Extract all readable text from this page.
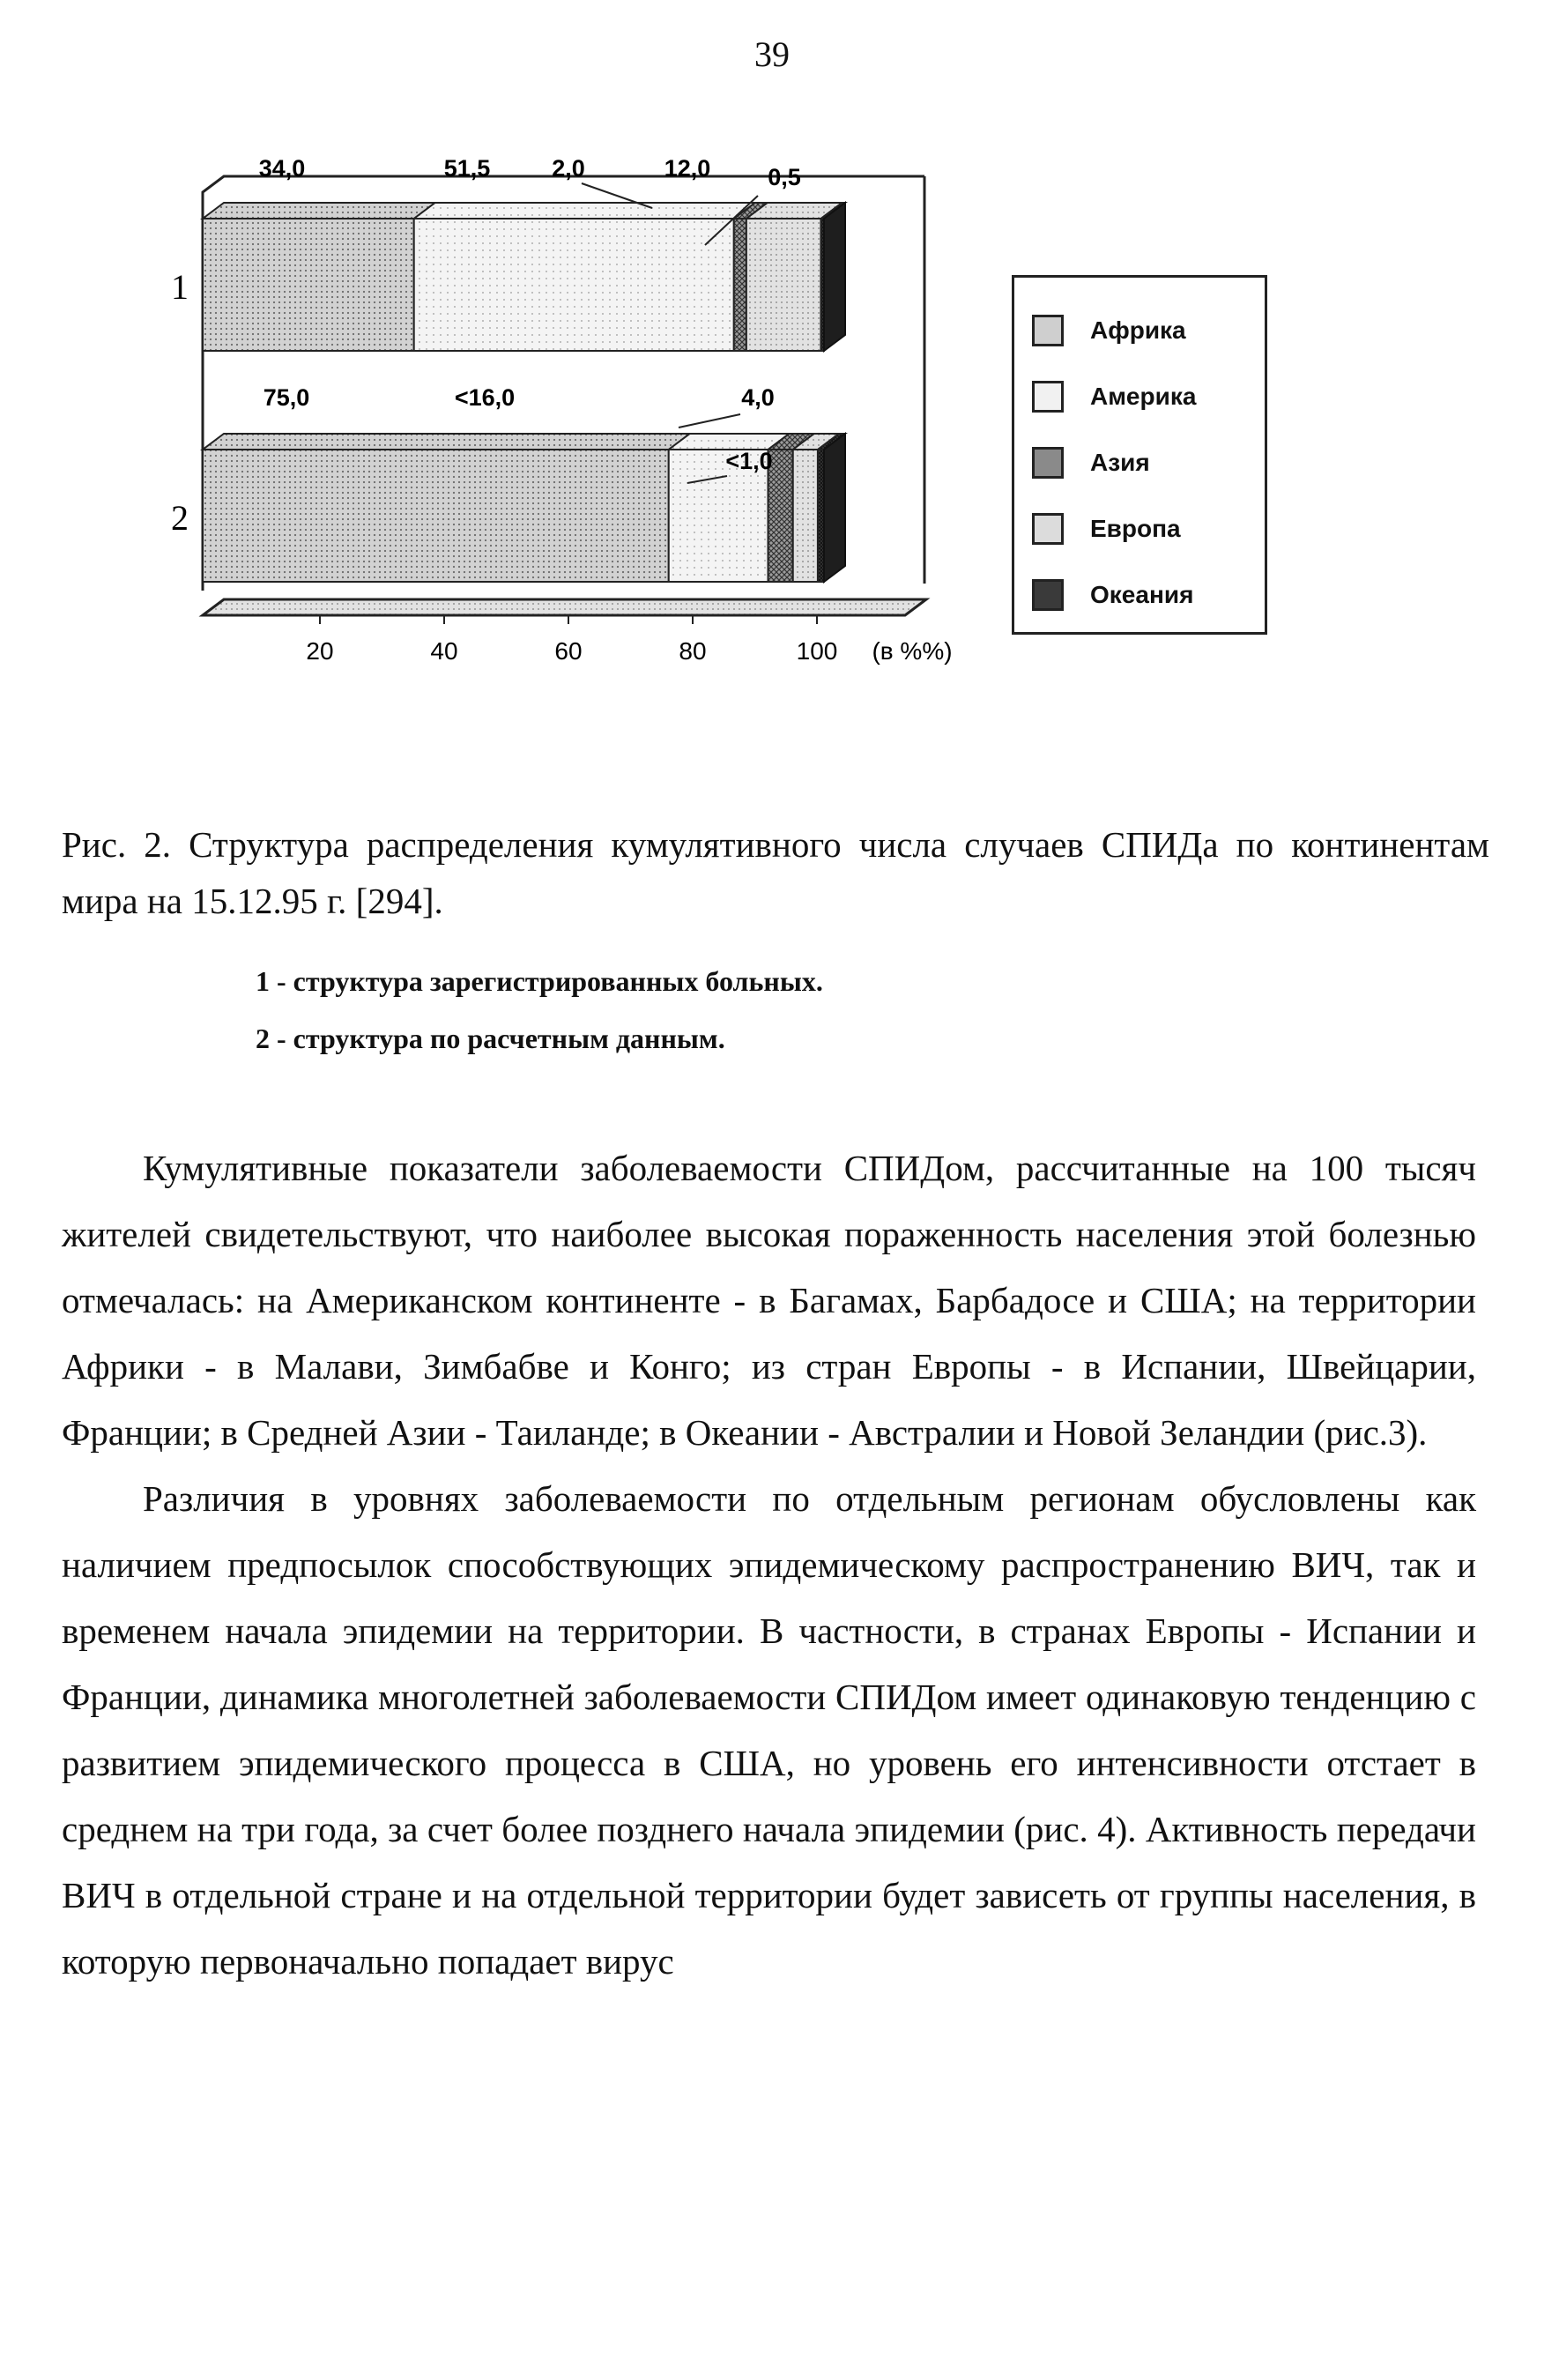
39
1
2
34,0	51,5	2,0	12,0 0,5
75,0	<16,0	4,0
<1,0
20	40	60	80	100 (в %%)
Африка
Америка
Азия
Европа
Океания
Рис. 2. Структура распределения кумулятивного числа случаев СПИДа по континентам мира на 15.12.95 г. [294].
1 - структура зарегистрированных больных.
2 - структура по расчетным данным.

Кумулятивные показатели заболеваемости СПИДом, рассчитанные на 100 тысяч жителей свидетельствуют, что наиболее высокая пораженность населения этой болезнью отмечалась: на Американском континенте - в Багамах, Барбадосе и США; на территории Африки - в Малави, Зимбабве и Конго; из стран Европы - в Испании, Швейцарии, Франции; в Средней Азии - Таиланде; в Океании - Австралии и Новой Зеландии (рис.3).

Различия в уровнях заболеваемости по отдельным регионам обусловлены как наличием предпосылок способствующих эпидемическому распространению ВИЧ, так и временем начала эпидемии на территории. В частности, в странах Европы - Испании и Франции, динамика многолетней заболеваемости СПИДом имеет одинаковую тенденцию с развитием эпидемического процесса в США, но уровень его интенсивности отстает в среднем на три года, за счет более позднего начала эпидемии (рис. 4). Активность передачи ВИЧ в отдельной стране и на отдельной территории будет зависеть от группы населения, в которую первоначально попадает вирус
